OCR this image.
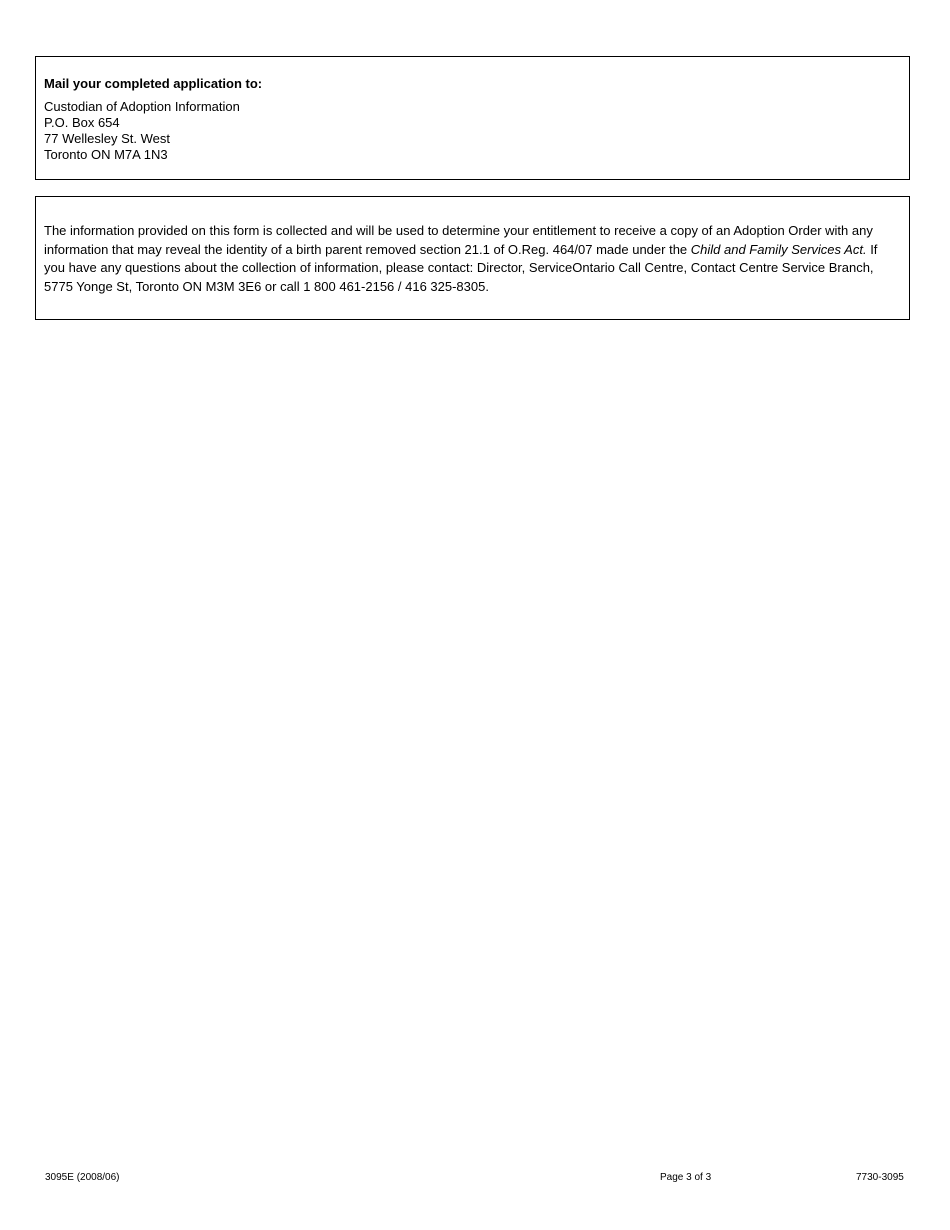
Mail your completed application to:
Custodian of Adoption Information
P.O. Box 654
77 Wellesley St. West
Toronto ON M7A 1N3

The information provided on this form is collected and will be used to determine your entitlement to receive a copy of an Adoption Order with any information that may reveal the identity of a birth parent removed section 21.1 of O.Reg. 464/07 made under the Child and Family Services Act. If you have any questions about the collection of information, please contact: Director, ServiceOntario Call Centre, Contact Centre Service Branch, 5775 Yonge St, Toronto ON M3M 3E6 or call 1 800 461-2156 / 416 325-8305.

3095E (2008/06)	Page 3 of 3	7730-3095
